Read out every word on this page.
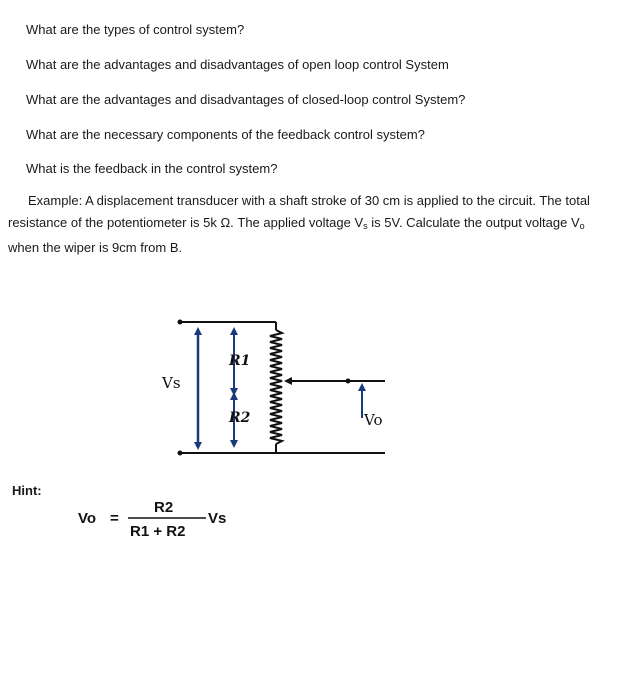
What are the types of control system?
What are the advantages and disadvantages of open loop control System
What are the advantages and disadvantages of closed-loop control System?
What are the necessary components of the feedback control system?
What is the feedback in the control system?
Example: A displacement transducer with a shaft stroke of 30 cm is applied to the circuit. The total resistance of the potentiometer is 5k Ω. The applied voltage $V_s$ is 5V. Calculate the output voltage $V_o$ when the wiper is 9cm from B.
Vs
R1
R2	Vo
Hint:
Vo =
R2
R1 + R2
Vs
